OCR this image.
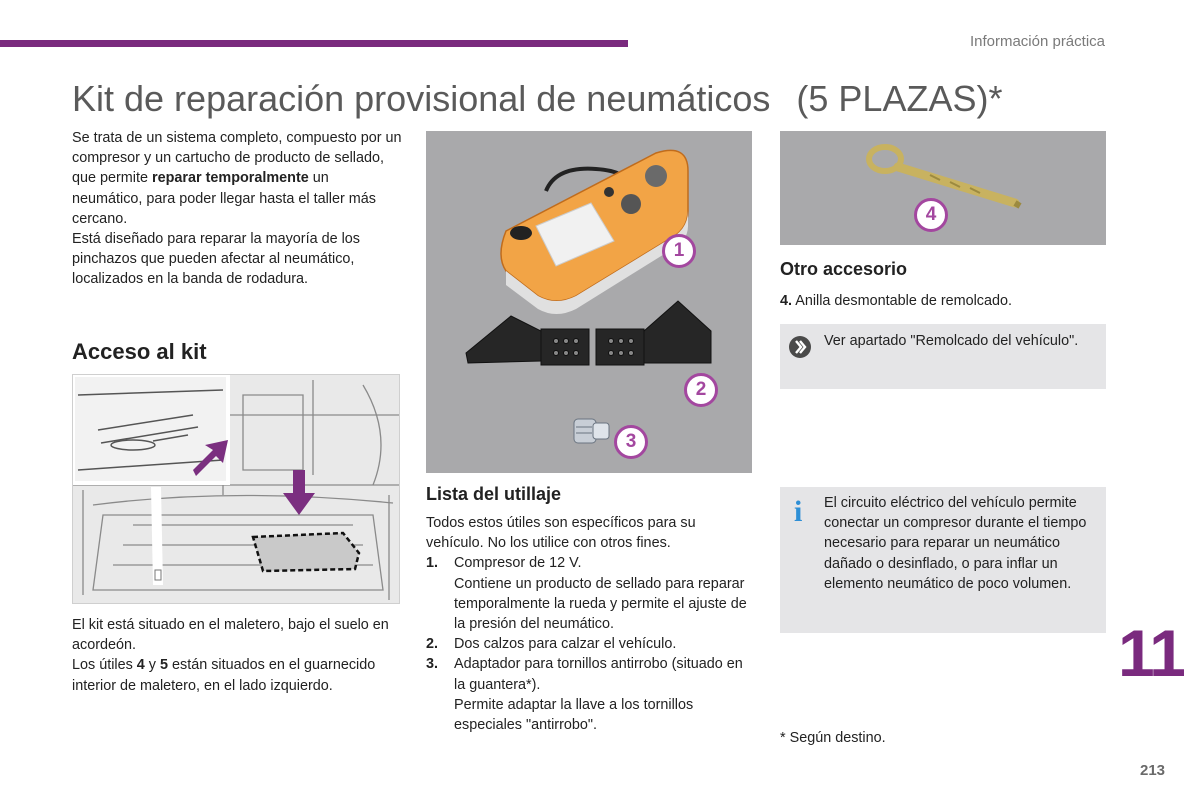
Información práctica
Kit de reparación provisional de neumáticos (5 PLAZAS)*

Se trata de un sistema completo, compuesto por un compresor y un cartucho de producto de sellado, que permite reparar temporalmente un neumático, para poder llegar hasta el taller más cercano.

Está diseñado para reparar la mayoría de los pinchazos que pueden afectar al neumático, localizados en la banda de rodadura.

Acceso al kit

El kit está situado en el maletero, bajo el suelo en acordeón.

Los útiles 4 y 5 están situados en el guarnecido interior de maletero, en el lado izquierdo.

1
2
3
Lista del utillaje

Todos estos útiles son específicos para su vehículo. No los utilice con otros fines.

1.	Compresor de 12 V.

Contiene un producto de sellado para reparar temporalmente la rueda y permite el ajuste de la presión del neumático.

2.	Dos calzos para calzar el vehículo.

3.	Adaptador para tornillos antirrobo (situado en la guantera*).

Permite adaptar la llave a los tornillos especiales "antirrobo".

4
Otro accesorio

4. Anilla desmontable de remolcado.

Ver apartado "Remolcado del vehículo".

i El circuito eléctrico del vehículo permite conectar un compresor durante el tiempo necesario para reparar un neumático dañado o desinflado, o para inflar un elemento neumático de poco volumen.

* Según destino.

11
213
